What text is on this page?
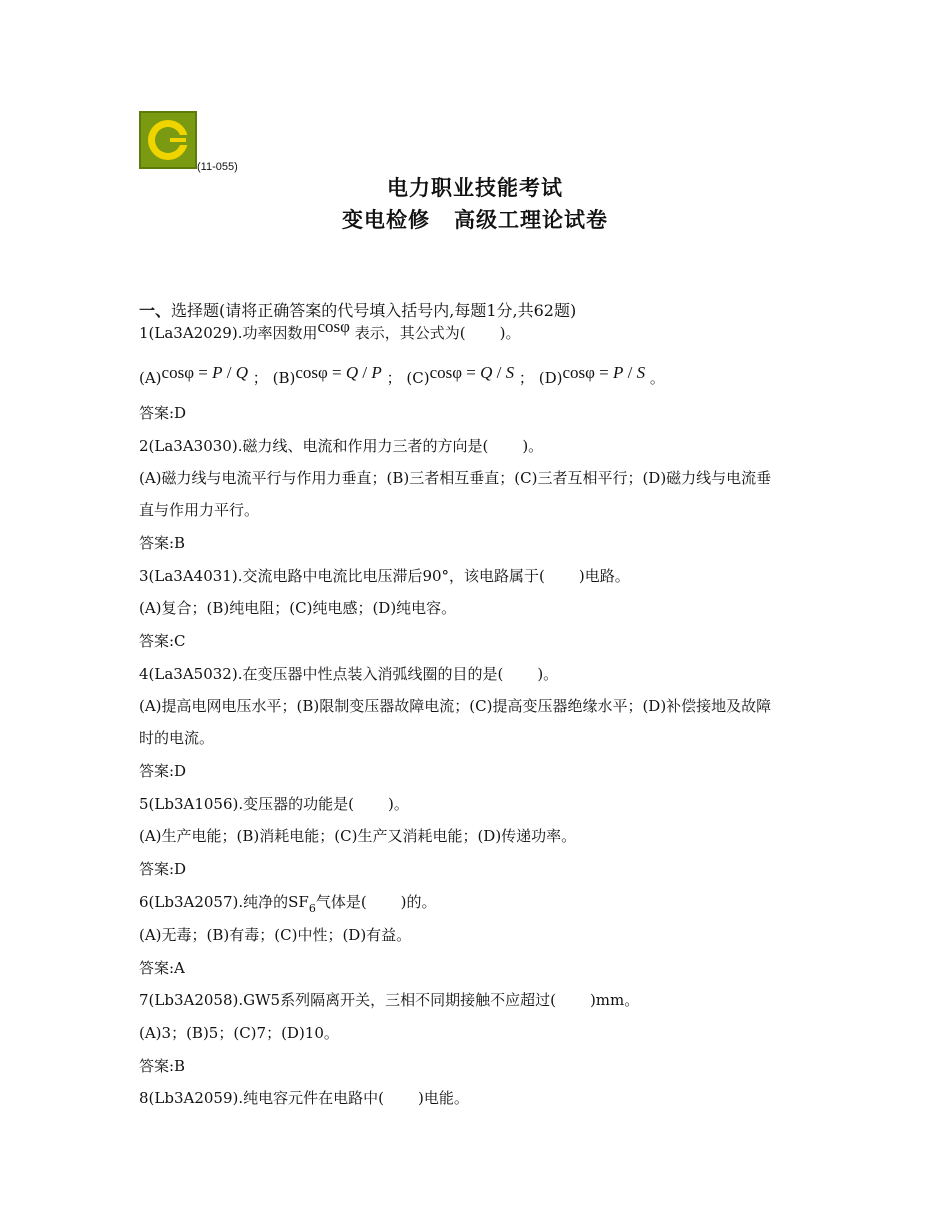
(11-055)
电力职业技能考试
变电检修 高级工理论试卷
一、选择题(请将正确答案的代号填入括号内,每题1分,共62题)
1(La3A2029).功率因数用cosφ 表示，其公式为( )。
(A)cosφ = P / Q ； (B)cosφ = Q / P ； (C)cosφ = Q / S ； (D)cosφ = P / S 。
答案:D
2(La3A3030).磁力线、电流和作用力三者的方向是( )。
(A)磁力线与电流平行与作用力垂直；(B)三者相互垂直；(C)三者互相平行；(D)磁力线与电流垂
直与作用力平行。
答案:B
3(La3A4031).交流电路中电流比电压滞后90°，该电路属于( )电路。
(A)复合；(B)纯电阻；(C)纯电感；(D)纯电容。
答案:C
4(La3A5032).在变压器中性点装入消弧线圈的目的是( )。
(A)提高电网电压水平；(B)限制变压器故障电流；(C)提高变压器绝缘水平；(D)补偿接地及故障
时的电流。
答案:D
5(Lb3A1056).变压器的功能是( )。
(A)生产电能；(B)消耗电能；(C)生产又消耗电能；(D)传递功率。
答案:D
6(Lb3A2057).纯净的$SF_6$气体是( )的。
(A)无毒；(B)有毒；(C)中性；(D)有益。
答案:A
7(Lb3A2058).GW5系列隔离开关，三相不同期接触不应超过( )mm。
(A)3；(B)5；(C)7；(D)10。
答案:B
8(Lb3A2059).纯电容元件在电路中( )电能。
